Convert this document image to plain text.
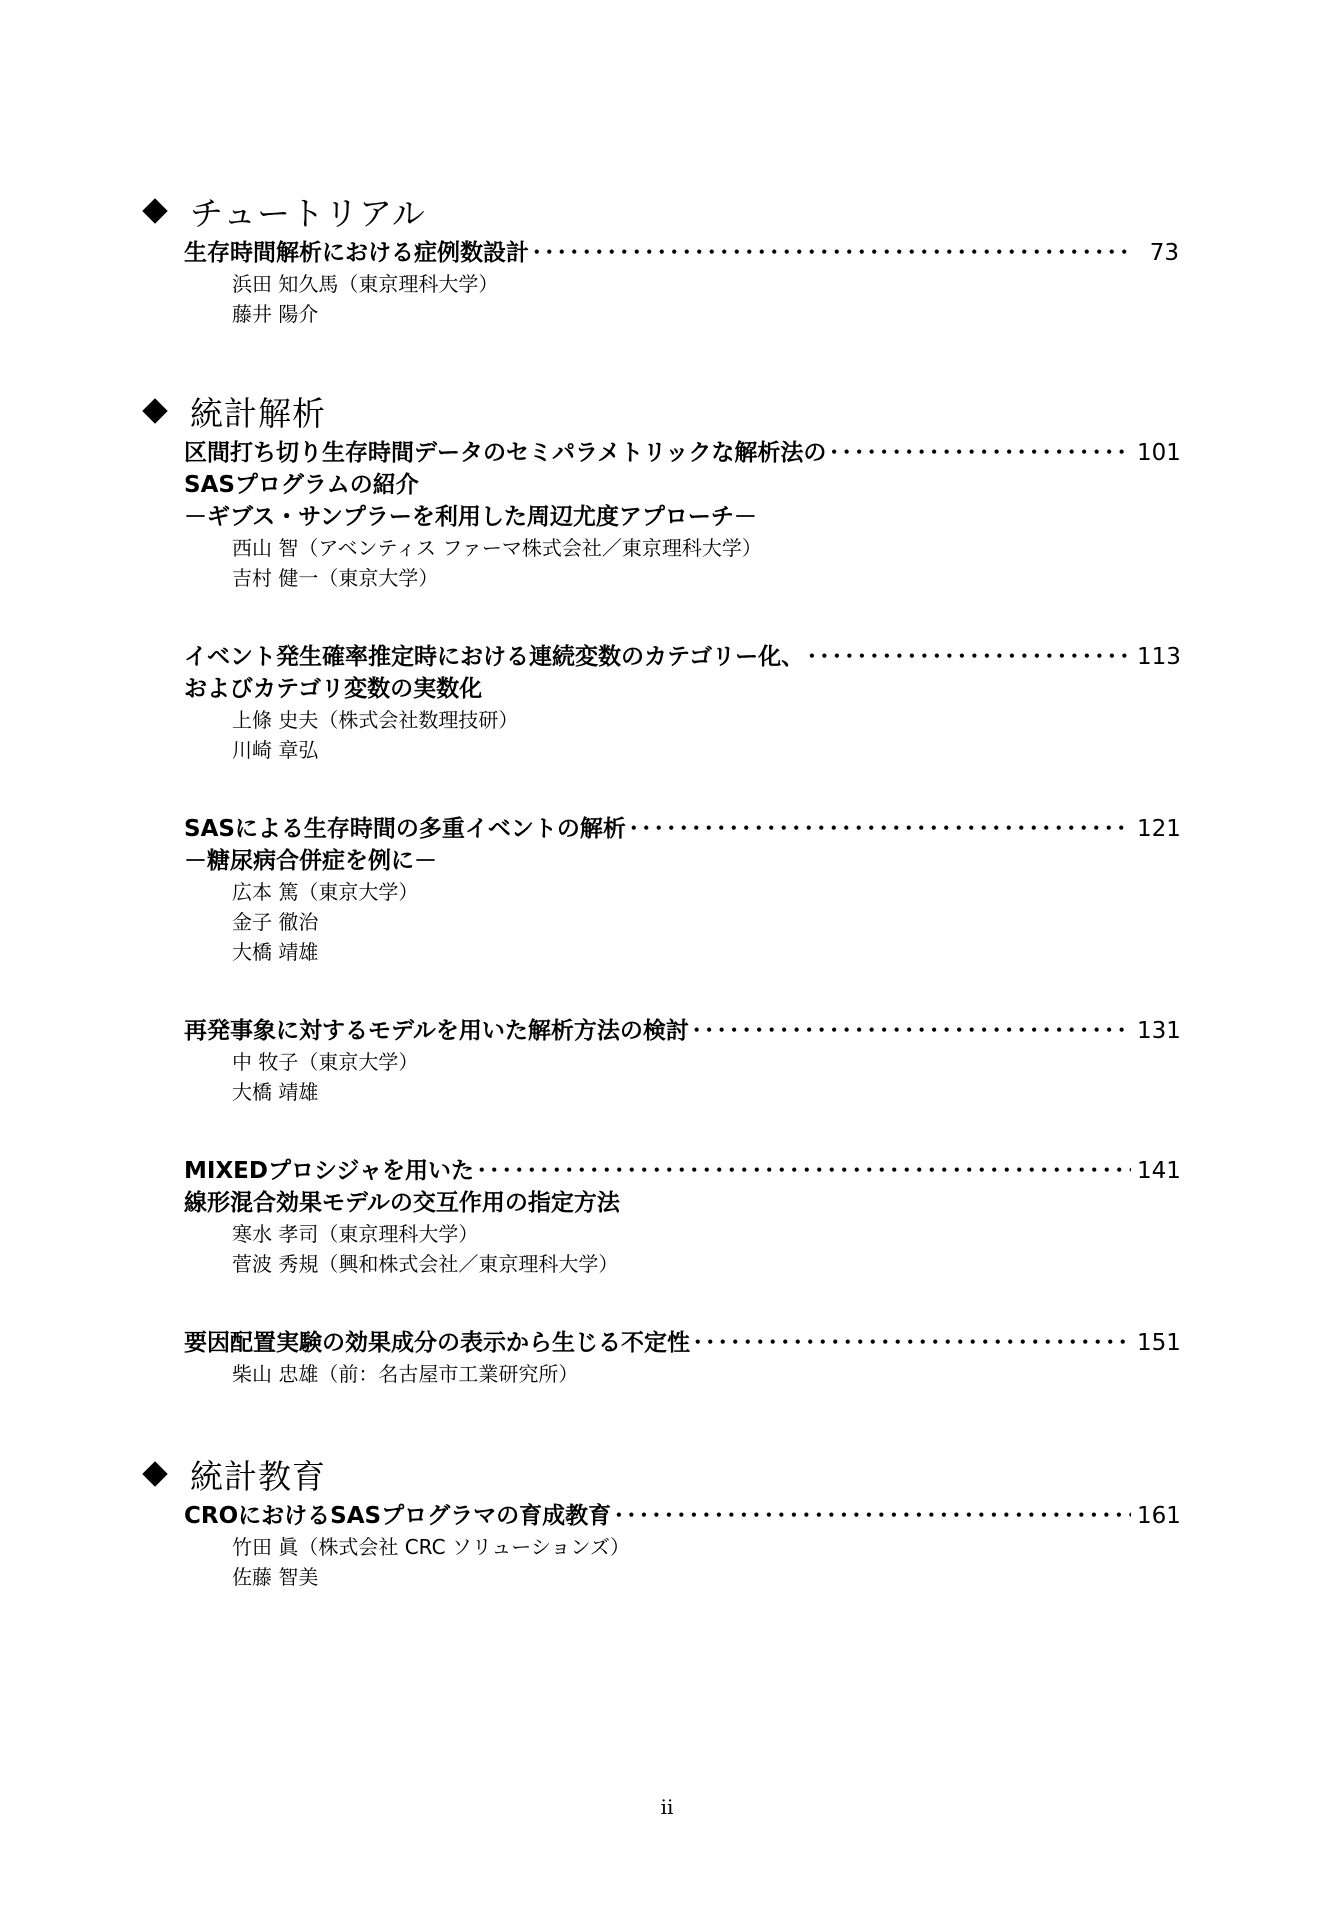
チュートリアル
生存時間解析における症例数設計 ････････････････････････････････････････････････････････････････････････････････････････････････････････････････････････････････	73
浜田 知久馬（東京理科大学）
藤井 陽介
統計解析
区間打ち切り生存時間データのセミパラメトリックな解析法の ････････････････････････････････････････････････････････････････････････････････････････････････････････････････････････････････	101
SASプログラムの紹介
－ギブス・サンプラーを利用した周辺尤度アプローチ－
西山 智（アベンティス ファーマ株式会社／東京理科大学）
吉村 健一（東京大学）
イベント発生確率推定時における連続変数のカテゴリー化、 ････････････････････････････････････････････････････････････････････････････････････････････････････････････････････････････････	113
およびカテゴリ変数の実数化
上條 史夫（株式会社数理技研）
川崎 章弘
SASによる生存時間の多重イベントの解析 ････････････････････････････････････････････････････････････････････････････････････････････････････････････････････････････････	121
－糖尿病合併症を例に－
広本 篤（東京大学）
金子 徹治
大橋 靖雄
再発事象に対するモデルを用いた解析方法の検討 ････････････････････････････････････････････････････････････････････････････････････････････････････････････････････････････････	131
中 牧子（東京大学）
大橋 靖雄
MIXEDプロシジャを用いた ････････････････････････････････････････････････････････････････････････････････････････････････････････････････････････････････	141
線形混合効果モデルの交互作用の指定方法
寒水 孝司（東京理科大学）
菅波 秀規（興和株式会社／東京理科大学）
要因配置実験の効果成分の表示から生じる不定性 ････････････････････････････････････････････････････････････････････････････････････････････････････････････････････････････････	151
柴山 忠雄（前：名古屋市工業研究所）
統計教育
CROにおけるSASプログラマの育成教育 ････････････････････････････････････････････････････････････････････････････････････････････････････････････････････････････････	161
竹田 眞（株式会社 CRC ソリューションズ）
佐藤 智美
ii
